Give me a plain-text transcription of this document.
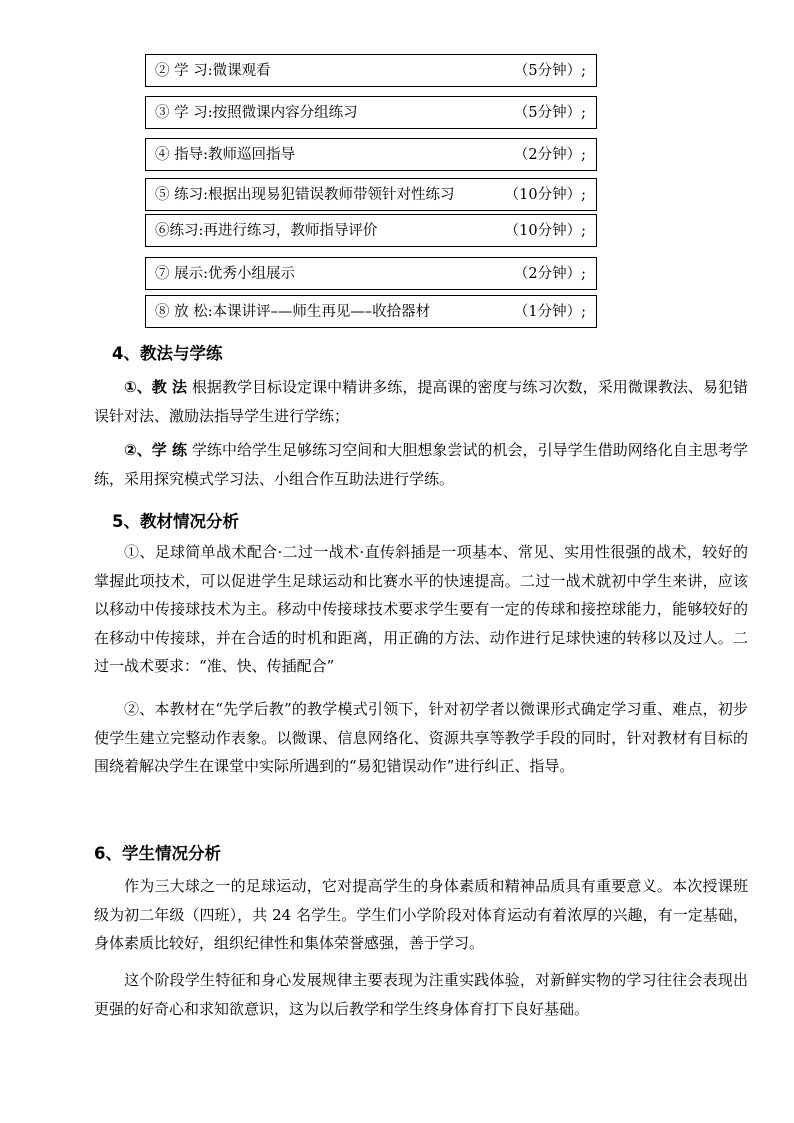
② 学 习:微课观看	（5分钟）;
③ 学 习:按照微课内容分组练习	（5分钟）;
④ 指导:教师巡回指导	（2分钟）;
⑤ 练习:根据出现易犯错误教师带领针对性练习	（10分钟）;
⑥练习:再进行练习，教师指导评价	（10分钟）;
⑦ 展示:优秀小组展示	（2分钟）;
⑧ 放 松:本课讲评–—师生再见—–收拾器材	（1分钟）;
4、教法与学练

①、教 法 根据教学目标设定课中精讲多练，提高课的密度与练习次数，采用微课教法、易犯错误针对法、激励法指导学生进行学练；

②、学 练 学练中给学生足够练习空间和大胆想象尝试的机会，引导学生借助网络化自主思考学练，采用探究模式学习法、小组合作互助法进行学练。

5、教材情况分析

①、足球简单战术配合·二过一战术·直传斜插是一项基本、常见、实用性很强的战术，较好的掌握此项技术，可以促进学生足球运动和比赛水平的快速提高。二过一战术就初中学生来讲，应该以移动中传接球技术为主。移动中传接球技术要求学生要有一定的传球和接控球能力，能够较好的在移动中传接球，并在合适的时机和距离，用正确的方法、动作进行足球快速的转移以及过人。二过一战术要求：“准、快、传插配合”

②、本教材在“先学后教”的教学模式引领下，针对初学者以微课形式确定学习重、难点，初步使学生建立完整动作表象。以微课、信息网络化、资源共享等教学手段的同时，针对教材有目标的围绕着解决学生在课堂中实际所遇到的“易犯错误动作”进行纠正、指导。

6、学生情况分析

作为三大球之一的足球运动，它对提高学生的身体素质和精神品质具有重要意义。本次授课班级为初二年级（四班），共 24 名学生。学生们小学阶段对体育运动有着浓厚的兴趣，有一定基础，身体素质比较好，组织纪律性和集体荣誉感强，善于学习。

这个阶段学生特征和身心发展规律主要表现为注重实践体验，对新鲜实物的学习往往会表现出更强的好奇心和求知欲意识，这为以后教学和学生终身体育打下良好基础。
